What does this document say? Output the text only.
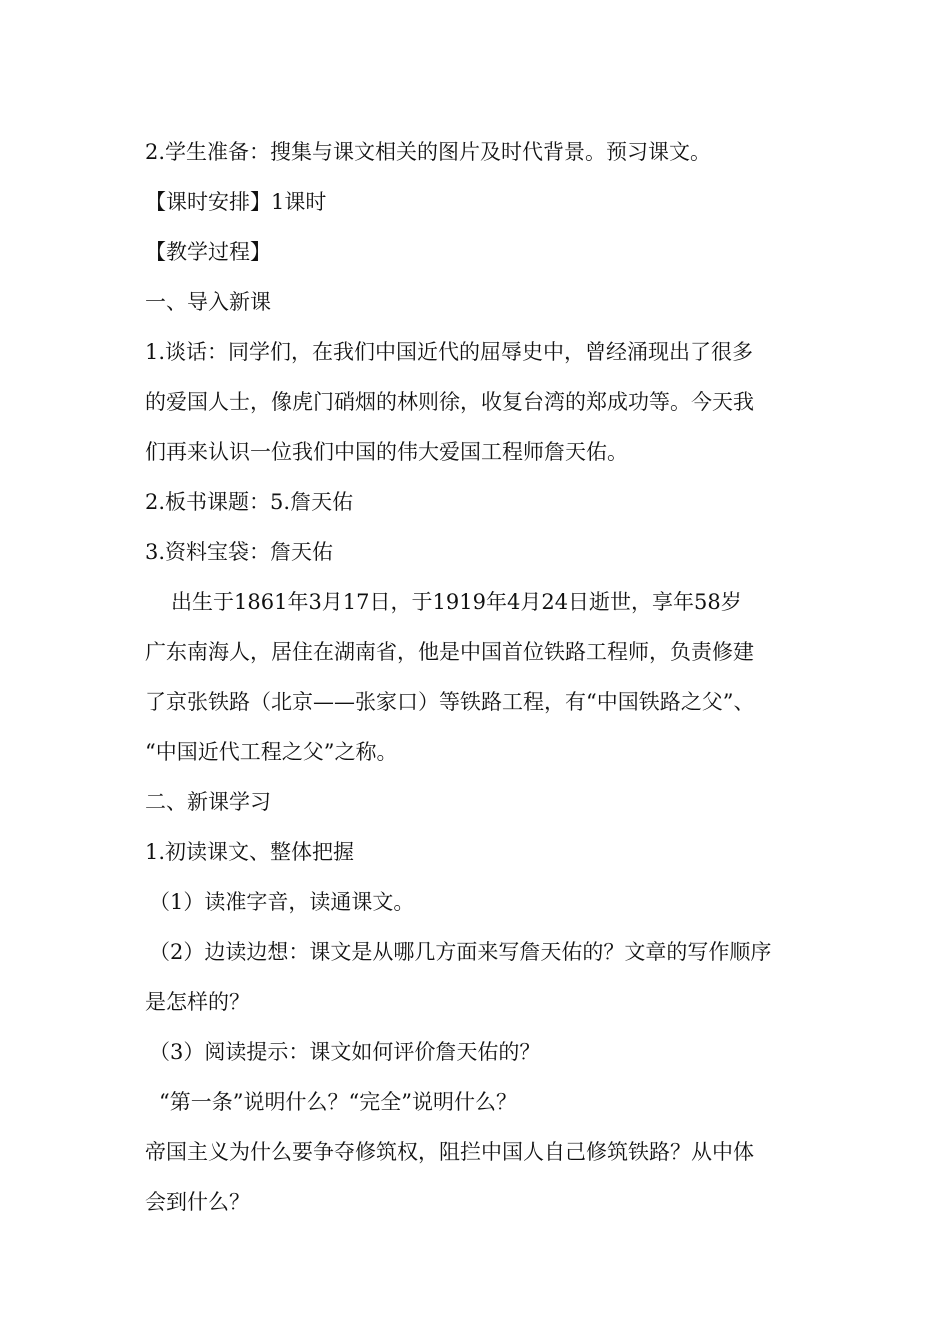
2.学生准备：搜集与课文相关的图片及时代背景。预习课文。
【课时安排】1课时
【教学过程】
一、导入新课
1.谈话：同学们，在我们中国近代的屈辱史中，曾经涌现出了很多
的爱国人士，像虎门硝烟的林则徐，收复台湾的郑成功等。今天我
们再来认识一位我们中国的伟大爱国工程师詹天佑。
2.板书课题：5.詹天佑
3.资料宝袋：詹天佑
出生于1861年3月17日，于1919年4月24日逝世，享年58岁
广东南海人，居住在湖南省，他是中国首位铁路工程师，负责修建
了京张铁路（北京——张家口）等铁路工程，有“中国铁路之父”、
“中国近代工程之父”之称。
二、新课学习
1.初读课文、整体把握
（1）读准字音，读通课文。
（2）边读边想：课文是从哪几方面来写詹天佑的？文章的写作顺序
是怎样的？
（3）阅读提示：课文如何评价詹天佑的？
“第一条”说明什么？“完全”说明什么？
帝国主义为什么要争夺修筑权，阻拦中国人自己修筑铁路？从中体
会到什么？
